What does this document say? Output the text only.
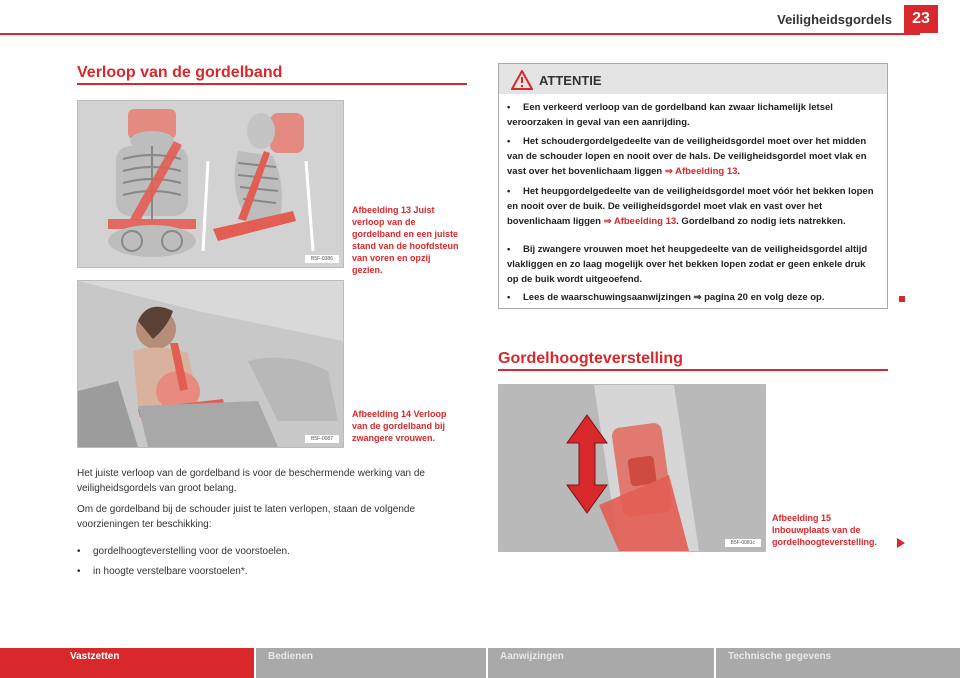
Veiligheidsgordels	23
Verloop van de gordelband
B5F-0386
Afbeelding 13 Juist verloop van de gordelband en een juiste stand van de hoofdsteun van voren en opzij gezien.
B5F-0087
Afbeelding 14 Verloop van de gordelband bij zwangere vrouwen.
Het juiste verloop van de gordelband is voor de beschermende werking van de veiligheidsgordels van groot belang.
Om de gordelband bij de schouder juist te laten verlopen, staan de volgende voorzieningen ter beschikking:
• gordelhoogteverstelling voor de voorstoelen.
• in hoogte verstelbare voorstoelen*.
ATTENTIE
• Een verkeerd verloop van de gordelband kan zwaar lichamelijk letsel veroorzaken in geval van een aanrijding.
• Het schoudergordelgedeelte van de veiligheidsgordel moet over het midden van de schouder lopen en nooit over de hals. De veiligheidsgordel moet vlak en vast over het bovenlichaam liggen ⇒ Afbeelding 13.
• Het heupgordelgedeelte van de veiligheidsgordel moet vóór het bekken lopen en nooit over de buik. De veiligheidsgordel moet vlak en vast over het bovenlichaam liggen ⇒ Afbeelding 13. Gordelband zo nodig iets natrekken.
• Bij zwangere vrouwen moet het heupgedeelte van de veiligheidsgordel altijd vlakliggen en zo laag mogelijk over het bekken lopen zodat er geen enkele druk op de buik wordt uitgeoefend.
• Lees de waarschuwingsaanwijzingen ⇒ pagina 20 en volg deze op.
Gordelhoogteverstelling
B5F-0081c
Afbeelding 15 Inbouwplaats van de gordelhoogteverstelling.
Vastzetten	Bedienen	Aanwijzingen	Technische gegevens
